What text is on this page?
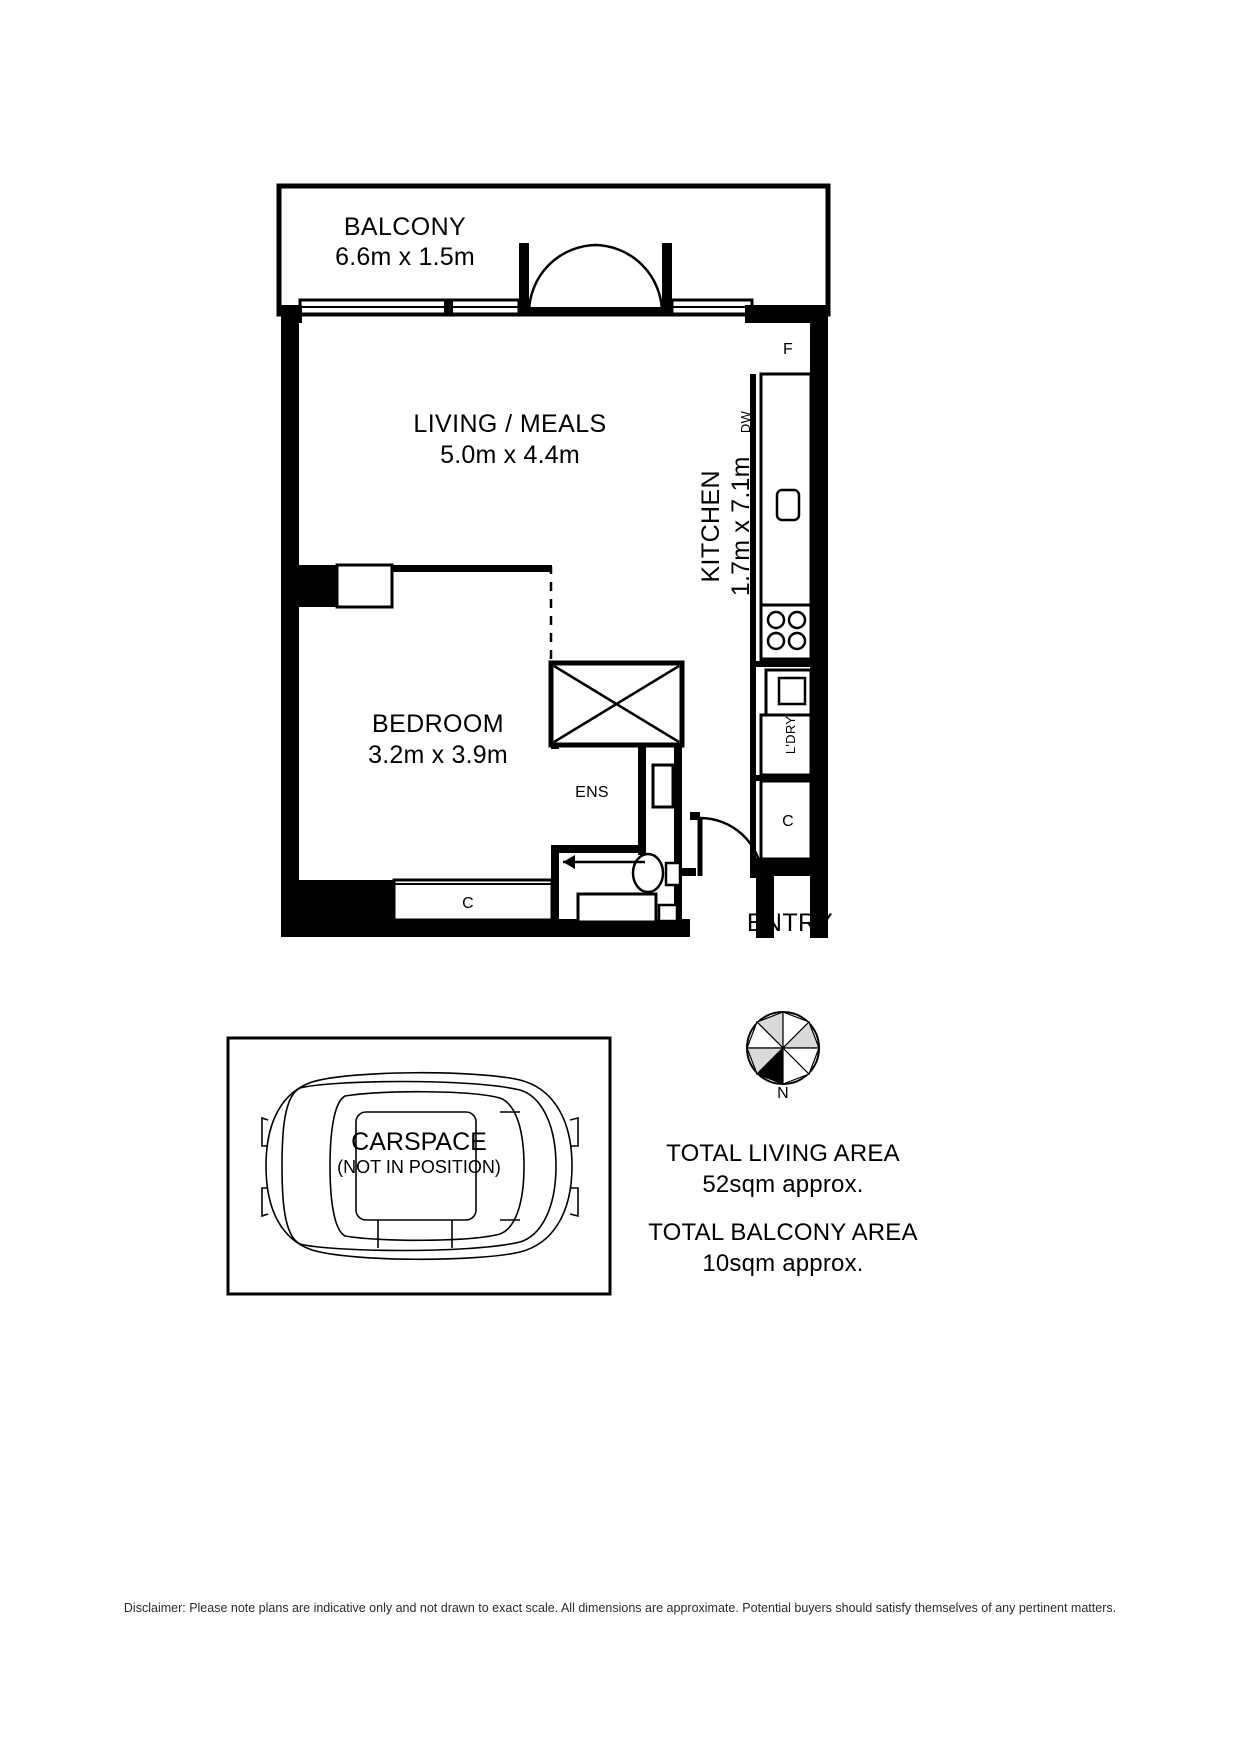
BALCONY
6.6m x 1.5m
LIVING / MEALS
5.0m x 4.4m
BEDROOM
3.2m x 3.9m
KITCHEN 1.7m x 7.1m
F
DW
L'DRY
C
ENS
C
ENTRY
N
CARSPACE
(NOT IN POSITION)	TOTAL LIVING AREA
52sqm approx.
TOTAL BALCONY AREA
10sqm approx.
Disclaimer: Please note plans are indicative only and not drawn to exact scale. All dimensions are approximate. Potential buyers should satisfy themselves of any pertinent matters.
